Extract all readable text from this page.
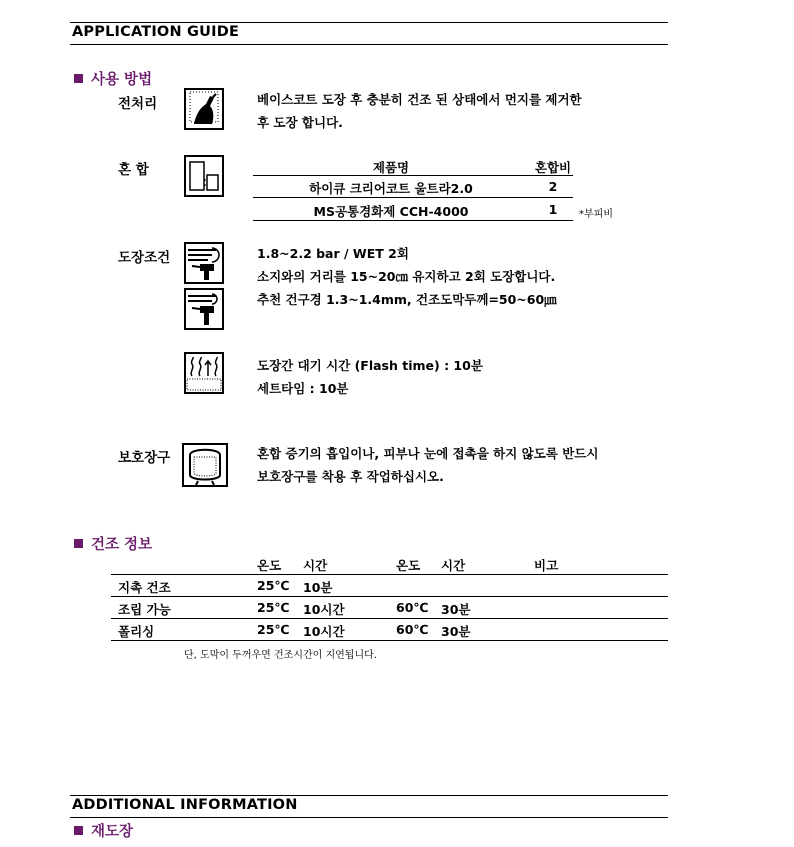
APPLICATION GUIDE
사용 방법
전처리	베이스코트 도장 후 충분히 건조 된 상태에서 먼지를 제거한
후 도장 합니다.
혼 합	제품명	혼합비
하이큐 크리어코트 울트라2.0	2
MS공통경화제 CCH-4000	1	*부피비
도장조건	1.8~2.2 bar / WET 2회
소지와의 거리를 15~20㎝ 유지하고 2회 도장합니다.
추천 건구경 1.3~1.4mm, 건조도막두께=50~60㎛
도장간 대기 시간 (Flash time) : 10분
세트타임 : 10분
보호장구	혼합 증기의 흡입이나, 피부나 눈에 접촉을 하지 않도록 반드시
보호장구를 착용 후 작업하십시오.
건조 정보
온도 시간	온도 시간	비고
지촉 건조	25℃ 10분
조립 가능	25℃ 10시간	60℃ 30분
폴리싱	25℃ 10시간	60℃ 30분
단, 도막이 두꺼우면 건조시간이 지연됩니다.
ADDITIONAL INFORMATION
재도장
